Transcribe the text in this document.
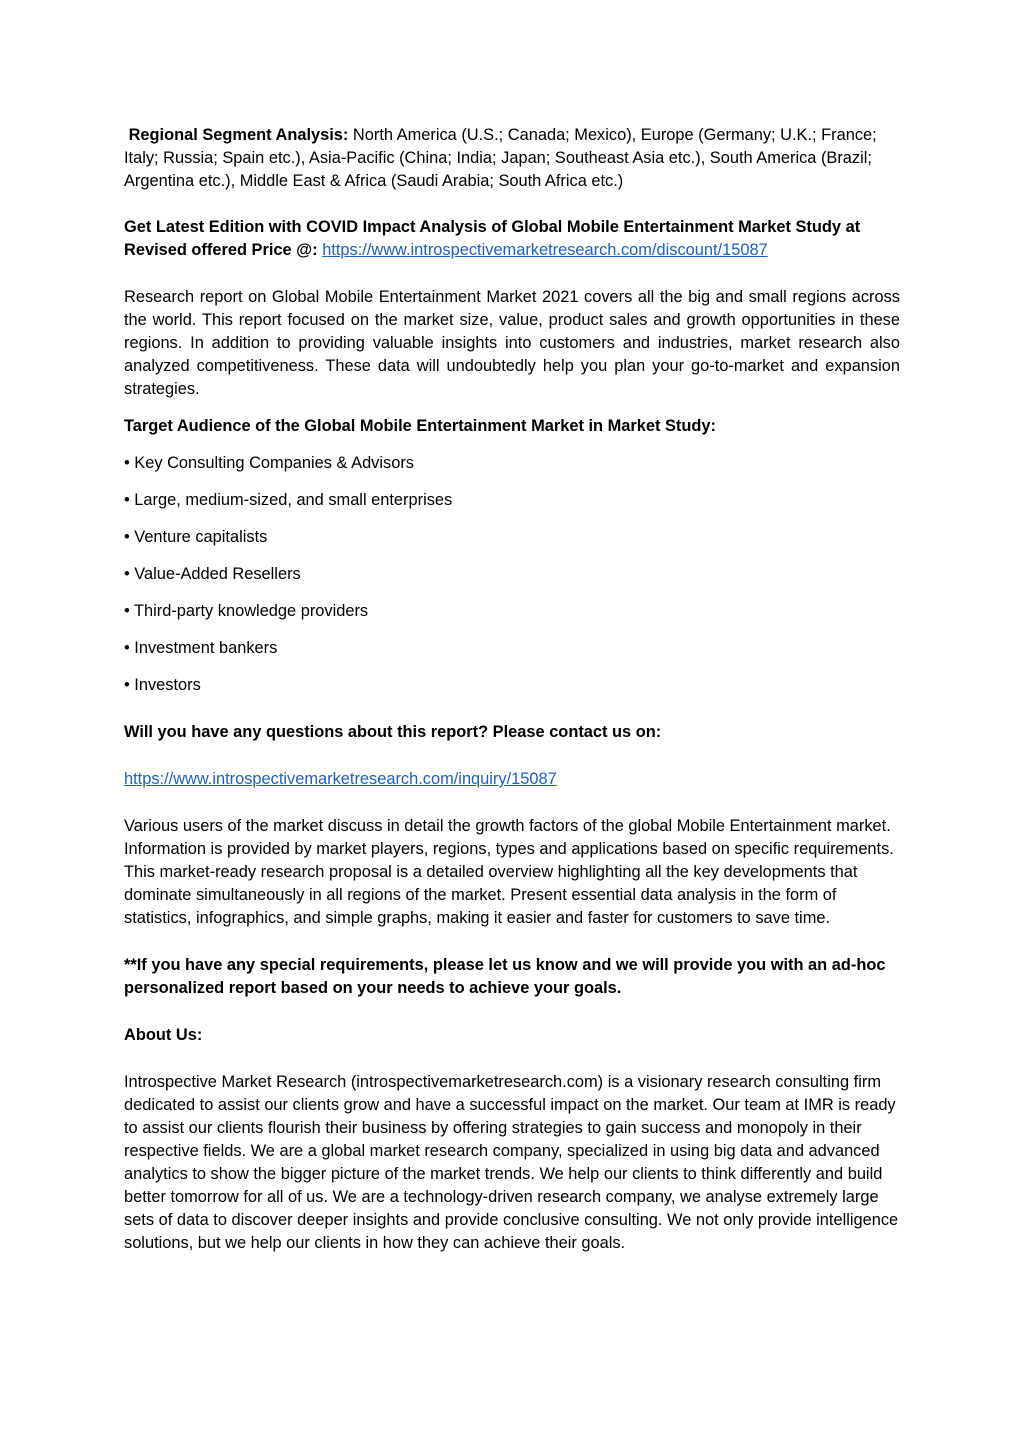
Regional Segment Analysis: North America (U.S.; Canada; Mexico), Europe (Germany; U.K.; France; Italy; Russia; Spain etc.), Asia-Pacific (China; India; Japan; Southeast Asia etc.), South America (Brazil; Argentina etc.), Middle East & Africa (Saudi Arabia; South Africa etc.)

Get Latest Edition with COVID Impact Analysis of Global Mobile Entertainment Market Study at Revised offered Price @: https://www.introspectivemarketresearch.com/discount/15087

Research report on Global Mobile Entertainment Market 2021 covers all the big and small regions across the world. This report focused on the market size, value, product sales and growth opportunities in these regions. In addition to providing valuable insights into customers and industries, market research also analyzed competitiveness. These data will undoubtedly help you plan your go-to-market and expansion strategies.

Target Audience of the Global Mobile Entertainment Market in Market Study:

• Key Consulting Companies & Advisors

• Large, medium-sized, and small enterprises

• Venture capitalists

• Value-Added Resellers

• Third-party knowledge providers

• Investment bankers

• Investors

Will you have any questions about this report? Please contact us on:

https://www.introspectivemarketresearch.com/inquiry/15087

Various users of the market discuss in detail the growth factors of the global Mobile Entertainment market. Information is provided by market players, regions, types and applications based on specific requirements. This market-ready research proposal is a detailed overview highlighting all the key developments that dominate simultaneously in all regions of the market. Present essential data analysis in the form of statistics, infographics, and simple graphs, making it easier and faster for customers to save time.

**If you have any special requirements, please let us know and we will provide you with an ad-hoc personalized report based on your needs to achieve your goals.

About Us:

Introspective Market Research (introspectivemarketresearch.com) is a visionary research consulting firm dedicated to assist our clients grow and have a successful impact on the market. Our team at IMR is ready to assist our clients flourish their business by offering strategies to gain success and monopoly in their respective fields. We are a global market research company, specialized in using big data and advanced analytics to show the bigger picture of the market trends. We help our clients to think differently and build better tomorrow for all of us. We are a technology-driven research company, we analyse extremely large sets of data to discover deeper insights and provide conclusive consulting. We not only provide intelligence solutions, but we help our clients in how they can achieve their goals.
